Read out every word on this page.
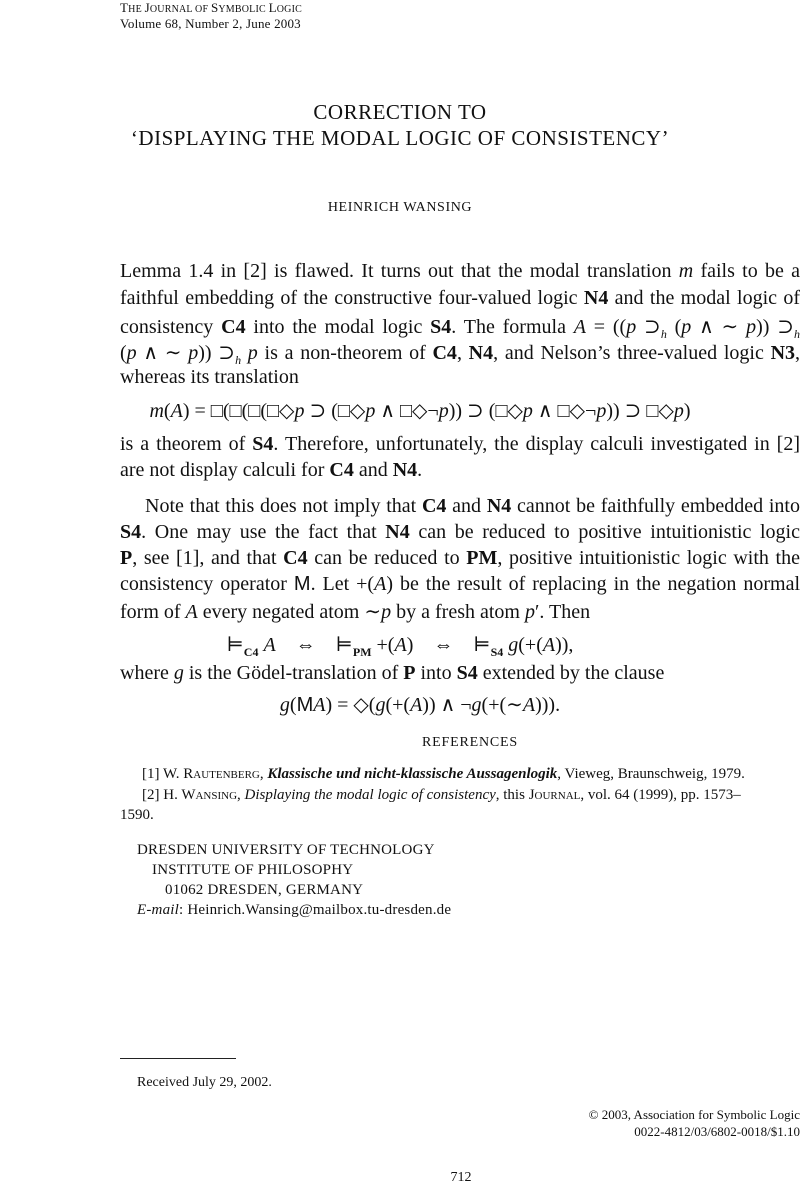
THE JOURNAL OF SYMBOLIC LOGIC
Volume 68, Number 2, June 2003
CORRECTION TO
‘DISPLAYING THE MODAL LOGIC OF CONSISTENCY’
HEINRICH WANSING
Lemma 1.4 in [2] is flawed. It turns out that the modal translation m fails to be a
faithful embedding of the constructive four-valued logic N4 and the modal logic of
consistency C4 into the modal logic S4. The formula A = ((p $⊃_h$ (p ∧ ∼ p)) $⊃_h$
(p ∧ ∼ p)) $⊃_h$ p is a non-theorem of C4, N4, and Nelson’s three-valued logic N3,
whereas its translation
m(A) = □(□(□(□◇p ⊃ (□◇p ∧ □◇¬p)) ⊃ (□◇p ∧ □◇¬p)) ⊃ □◇p)
is a theorem of S4. Therefore, unfortunately, the display calculi investigated in [2]
are not display calculi for C4 and N4.
Note that this does not imply that C4 and N4 cannot be faithfully embedded into
S4. One may use the fact that N4 can be reduced to positive intuitionistic logic
P, see [1], and that C4 can be reduced to PM, positive intuitionistic logic with the
consistency operator M. Let +(A) be the result of replacing in the negation normal
form of A every negated atom ∼p by a fresh atom p′. Then
$⊨_{C4}$ A    ⇔    $⊨_{PM} +(A)$    ⇔    $⊨_{S4}$ g(+(A)),
where g is the Gödel-translation of P into S4 extended by the clause
g(MA) = ◇(g(+(A)) ∧ ¬g(+(∼A))).
REFERENCES
[1] W. RAUTENBERG, Klassische und nicht-klassische Aussagenlogik, Vieweg, Braunschweig, 1979.
[2] H. WANSING, Displaying the modal logic of consistency, this JOURNAL, vol. 64 (1999), pp. 1573–
1590.
DRESDEN UNIVERSITY OF TECHNOLOGY
INSTITUTE OF PHILOSOPHY
01062 DRESDEN, GERMANY
E-mail: Heinrich.Wansing@mailbox.tu-dresden.de
Received July 29, 2002.
© 2003, Association for Symbolic Logic
0022-4812/03/6802-0018/$1.10
712
